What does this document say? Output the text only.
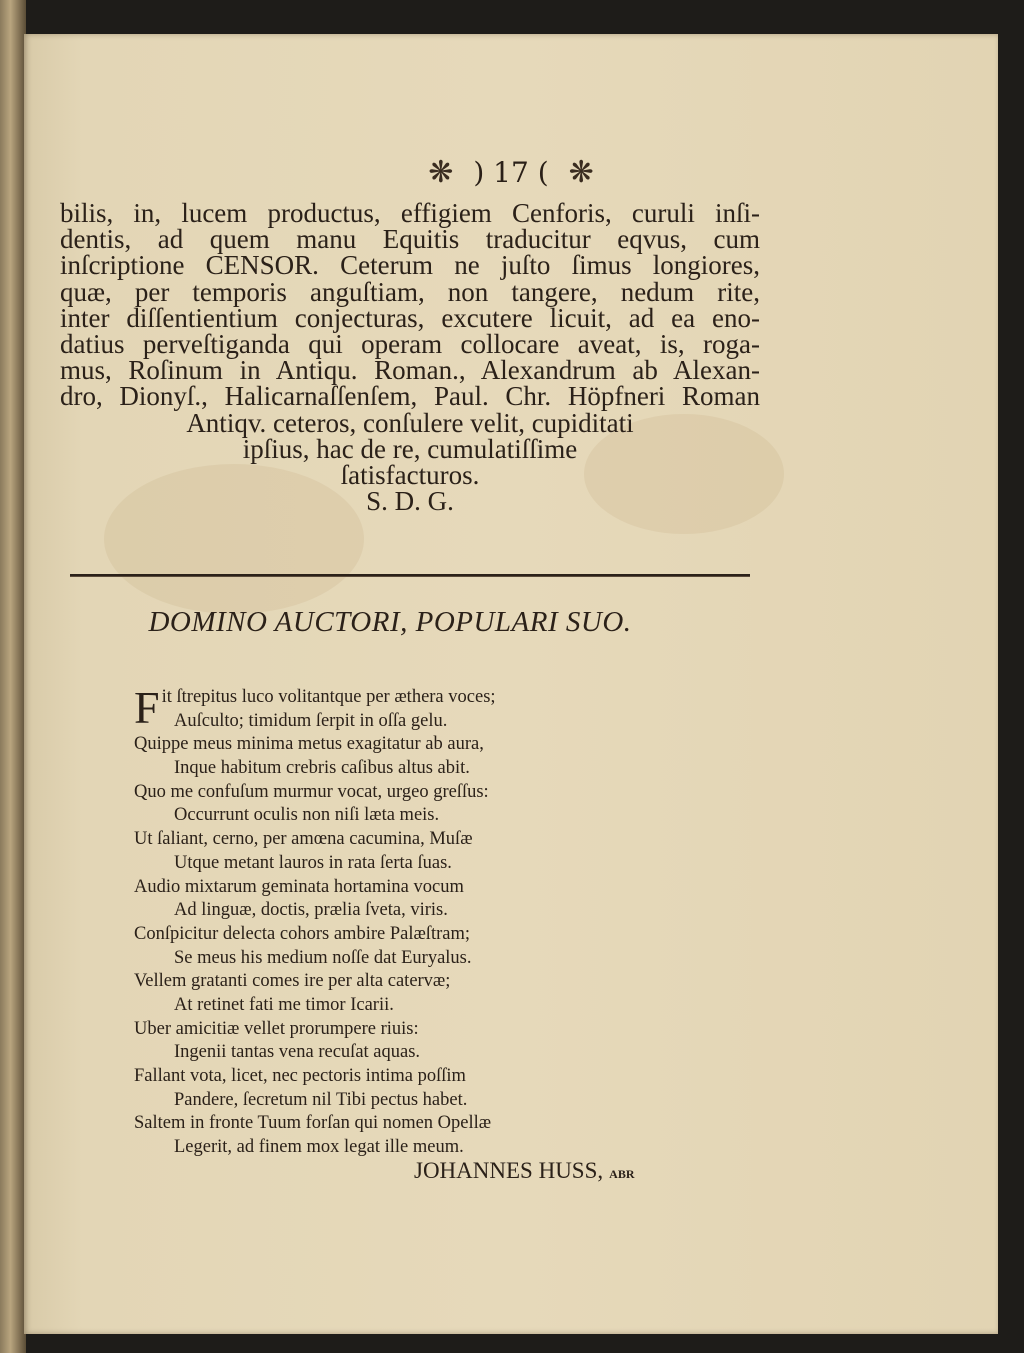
❋ ) 17 ( ❋
bilis, in, lucem productus, effigiem Cenforis, curuli inſi-
dentis, ad quem manu Equitis traducitur eqvus, cum
inſcriptione CENSOR. Ceterum ne juſto ſimus longiores,
quæ, per temporis anguſtiam, non tangere, nedum rite,
inter diſſentientium conjecturas, excutere licuit, ad ea eno-
datius perveſtiganda qui operam collocare aveat, is, roga-
mus, Roſinum in Antiqu. Roman., Alexandrum ab Alexan-
dro, Dionyſ., Halicarnaſſenſem, Paul. Chr. Höpfneri Roman
Antiqv. ceteros, conſulere velit, cupiditati
ipſius, hac de re, cumulatiſſime
ſatisfacturos.
S. D. G.
DOMINO AUCTORI, POPULARI SUO.
Fit ſtrepitus luco volitantque per æthera voces;
Auſculto; timidum ſerpit in oſſa gelu.
Quippe meus minima metus exagitatur ab aura,
Inque habitum crebris caſibus altus abit.
Quo me confuſum murmur vocat, urgeo greſſus:
Occurrunt oculis non niſi læta meis.
Ut ſaliant, cerno, per amœna cacumina, Muſæ
Utque metant lauros in rata ſerta ſuas.
Audio mixtarum geminata hortamina vocum
Ad linguæ, doctis, prælia ſveta, viris.
Conſpicitur delecta cohors ambire Palæſtram;
Se meus his medium noſſe dat Euryalus.
Vellem gratanti comes ire per alta catervæ;
At retinet fati me timor Icarii.
Uber amicitiæ vellet prorumpere riuis:
Ingenii tantas vena recuſat aquas.
Fallant vota, licet, nec pectoris intima poſſim
Pandere, ſecretum nil Tibi pectus habet.
Saltem in fronte Tuum forſan qui nomen Opellæ
Legerit, ad finem mox legat ille meum.
JOHANNES HUSS, ABR
